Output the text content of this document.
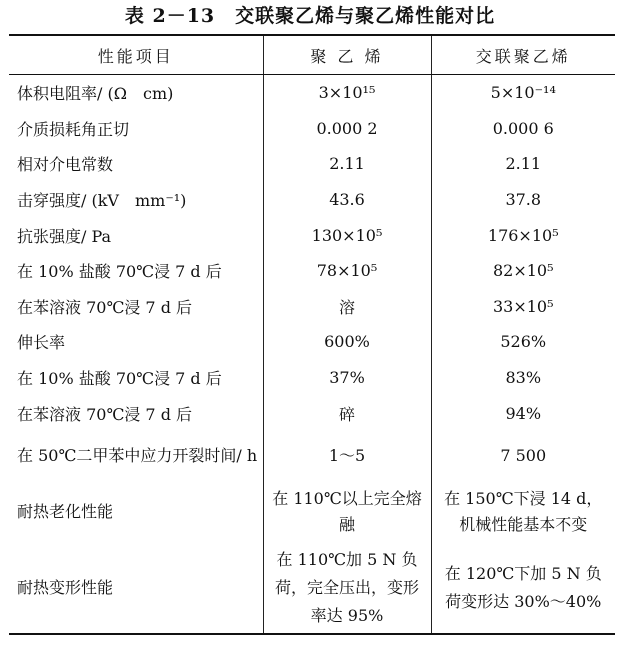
表 2－13　交联聚乙烯与聚乙烯性能对比
性能项目	聚 乙 烯	交联聚乙烯
体积电阻率/ (Ω　cm)	3×10¹⁵	5×10⁻¹⁴
介质损耗角正切	0.000 2	0.000 6
相对介电常数	2.11	2.11
击穿强度/ (kV　mm⁻¹)	43.6	37.8
抗张强度/ Pa	130×10⁵	176×10⁵
在 10% 盐酸 70℃浸 7 d 后	78×10⁵	82×10⁵
在苯溶液 70℃浸 7 d 后	溶	33×10⁵
伸长率	600%	526%
在 10% 盐酸 70℃浸 7 d 后	37%	83%
在苯溶液 70℃浸 7 d 后	碎	94%
在 50℃二甲苯中应力开裂时间/ h	1～5	7 500
耐热老化性能	在 110℃以上完全熔融	在 150℃下浸 14 d，机械性能基本不变
耐热变形性能	在 110℃加 5 N 负荷，完全压出，变形率达 95%	在 120℃下加 5 N 负荷变形达 30%～40%
